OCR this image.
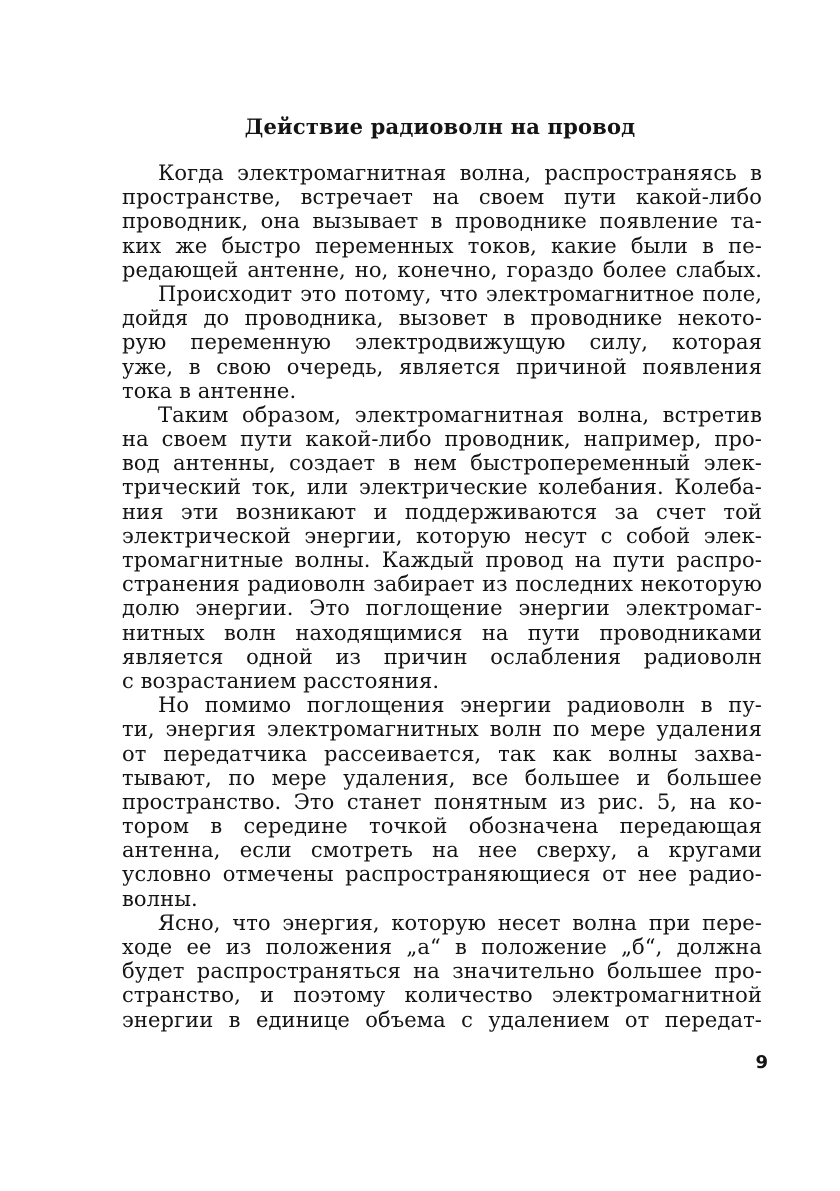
Действие радиоволн на провод
Когда электромагнитная волна, распространяясь в
пространстве, встречает на своем пути какой-либо
проводник, она вызывает в проводнике появление та-
ких же быстро переменных токов, какие были в пе-
редающей антенне, но, конечно, гораздо более слабых.
Происходит это потому, что электромагнитное поле,
дойдя до проводника, вызовет в проводнике некото-
рую переменную электродвижущую силу, которая
уже, в свою очередь, является причиной появления
тока в антенне.
Таким образом, электромагнитная волна, встретив
на своем пути какой-либо проводник, например, про-
вод антенны, создает в нем быстропеременный элек-
трический ток, или электрические колебания. Колеба-
ния эти возникают и поддерживаются за счет той
электрической энергии, которую несут с собой элек-
тромагнитные волны. Каждый провод на пути распро-
странения радиоволн забирает из последних некоторую
долю энергии. Это поглощение энергии электромаг-
нитных волн находящимися на пути проводниками
является одной из причин ослабления радиоволн
с возрастанием расстояния.
Но помимо поглощения энергии радиоволн в пу-
ти, энергия электромагнитных волн по мере удаления
от передатчика рассеивается, так как волны захва-
тывают, по мере удаления, все большее и большее
пространство. Это станет понятным из рис. 5, на ко-
тором в середине точкой обозначена передающая
антенна, если смотреть на нее сверху, а кругами
условно отмечены распространяющиеся от нее радио-
волны.
Ясно, что энергия, которую несет волна при пере-
ходе ее из положения „а“ в положение „б“, должна
будет распространяться на значительно большее про-
странство, и поэтому количество электромагнитной
энергии в единице объема с удалением от передат-
9
